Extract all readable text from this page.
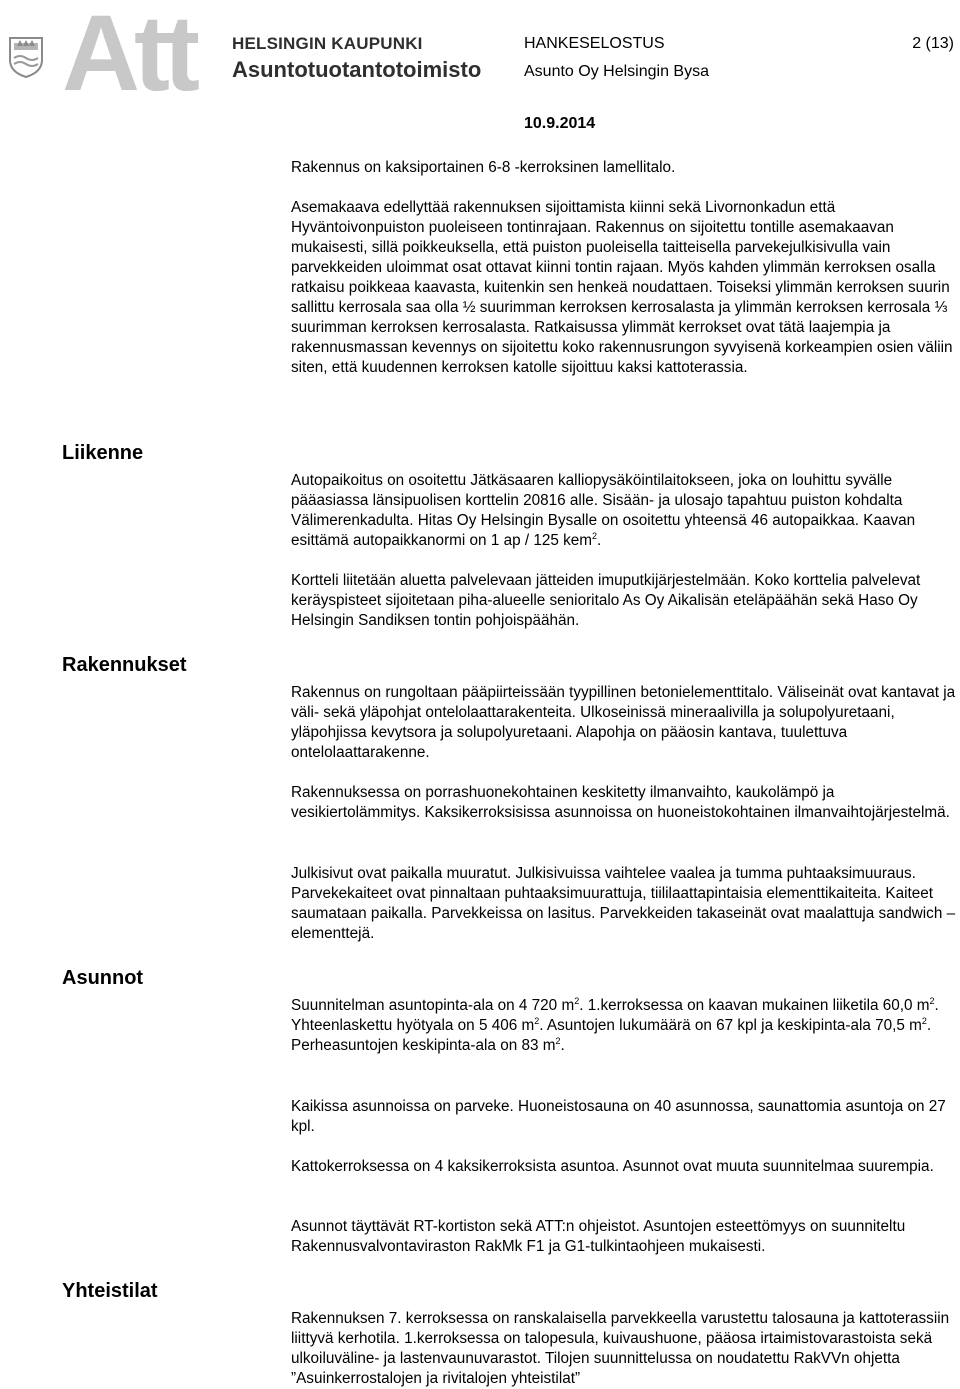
Att HELSINGIN KAUPUNKI
Asuntotuotantotoimisto
HANKESELOSTUS	2 (13)
Asunto Oy Helsingin Bysa
10.9.2014

Rakennus on kaksiportainen 6-8 -kerroksinen lamellitalo.

Asemakaava edellyttää rakennuksen sijoittamista kiinni sekä Livornonkadun että Hyväntoivonpuiston puoleiseen tontinrajaan. Rakennus on sijoitettu tontille asemakaavan mukaisesti, sillä poikkeuksella, että puiston puoleisella taitteisella parvekejulkisivulla vain parvekkeiden uloimmat osat ottavat kiinni tontin rajaan. Myös kahden ylimmän kerroksen osalla ratkaisu poikkeaa kaavasta, kuitenkin sen henkeä noudattaen. Toiseksi ylimmän kerroksen suurin sallittu kerrosala saa olla ½ suurimman kerroksen kerrosalasta ja ylimmän kerroksen kerrosala ⅓ suurimman kerroksen kerrosalasta. Ratkaisussa ylimmät kerrokset ovat tätä laajempia ja rakennusmassan kevennys on sijoitettu koko rakennusrungon syvyisenä korkeampien osien väliin siten, että kuudennen kerroksen katolle sijoittuu kaksi kattoterassia.

Liikenne

Autopaikoitus on osoitettu Jätkäsaaren kalliopysäköintilaitokseen, joka on louhittu syvälle pääasiassa länsipuolisen korttelin 20816 alle. Sisään- ja ulosajo tapahtuu puiston kohdalta Välimerenkadulta. Hitas Oy Helsingin Bysalle on osoitettu yhteensä 46 autopaikkaa. Kaavan esittämä autopaikkanormi on 1 ap / 125 kem$^2$.

Kortteli liitetään aluetta palvelevaan jätteiden imuputkijärjestelmään. Koko korttelia palvelevat keräyspisteet sijoitetaan piha-alueelle senioritalo As Oy Aikalisän eteläpäähän sekä Haso Oy Helsingin Sandiksen tontin pohjoispäähän.

Rakennukset

Rakennus on rungoltaan pääpiirteissään tyypillinen betonielementtitalo. Väliseinät ovat kantavat ja väli- sekä yläpohjat ontelolaattarakenteita. Ulkoseinissä mineraalivilla ja solupolyuretaani, yläpohjissa kevytsora ja solupolyuretaani. Alapohja on pääosin kantava, tuulettuva ontelolaattarakenne.

Rakennuksessa on porrashuonekohtainen keskitetty ilmanvaihto, kaukolämpö ja vesikiertolämmitys. Kaksikerroksisissa asunnoissa on huoneistokohtainen ilmanvaihtojärjestelmä.

Julkisivut ovat paikalla muuratut. Julkisivuissa vaihtelee vaalea ja tumma puhtaaksimuuraus. Parvekekaiteet ovat pinnaltaan puhtaaksimuurattuja, tiililaattapintaisia elementtikaiteita. Kaiteet saumataan paikalla. Parvekkeissa on lasitus. Parvekkeiden takaseinät ovat maalattuja sandwich –elementtejä.

Asunnot

Suunnitelman asuntopinta-ala on 4 720 $m^2$. 1.kerroksessa on kaavan mukainen liiketila 60,0 $m^2$.
Yhteenlaskettu hyötyala on 5 406 $m^2$. Asuntojen lukumäärä on 67 kpl ja keskipinta-ala 70,5 $m^2$. Perheasuntojen keskipinta-ala on 83 $m^2$.

Kaikissa asunnoissa on parveke. Huoneistosauna on 40 asunnossa, saunattomia asuntoja on 27 kpl.

Kattokerroksessa on 4 kaksikerroksista asuntoa. Asunnot ovat muuta suunnitelmaa suurempia.

Asunnot täyttävät RT-kortiston sekä ATT:n ohjeistot. Asuntojen esteettömyys on suunniteltu Rakennusvalvontaviraston RakMk F1 ja G1-tulkintaohjeen mukaisesti.

Yhteistilat

Rakennuksen 7. kerroksessa on ranskalaisella parvekkeella varustettu talosauna ja kattoterassiin liittyvä kerhotila. 1.kerroksessa on talopesula, kuivaushuone, pääosa irtaimistovarastoista sekä ulkoiluväline- ja lastenvaunuvarastot. Tilojen suunnittelussa on noudatettu RakVVn ohjetta ”Asuinkerrostalojen ja rivitalojen yhteistilat”
